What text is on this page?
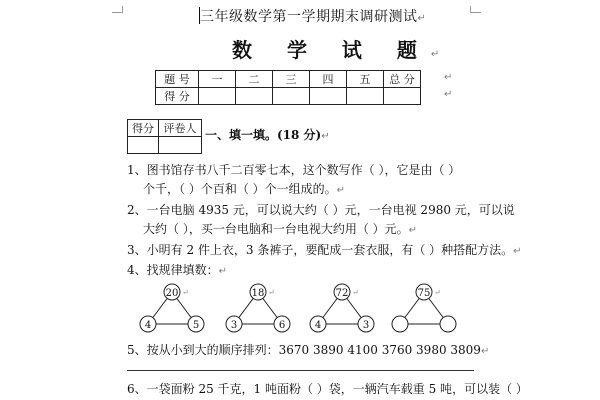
三年级数学第一学期期末调研测试↵
数 学 试 题↵
题 号	一	二	三	四	五	总 分
得 分						
↵
↵
得分	评卷人
	一、填一填。(18 分)↵
1、图书馆存书八千二百零七本，这个数写作（ ），它是由（ ）
个千，（ ）个百和（ ）个一组成的。↵
2、一台电脑 4935 元，可以说大约（ ）元，一台电视 2980 元，可以说
大约（ ），买一台电脑和一台电视大约用（ ）元。↵
3、小明有 2 件上衣，3 条裤子，要配成一套衣服，有（ ）种搭配方法。↵
4、找规律填数：↵
20
4	5
↵	18
3	6
↵	72
4	3
↵	75 ↵
5、按从小到大的顺序排列：3670 3890 4100 3760 3980 3809↵
6、一袋面粉 25 千克，1 吨面粉（ ）袋，一辆汽车载重 5 吨，可以装（ ）
